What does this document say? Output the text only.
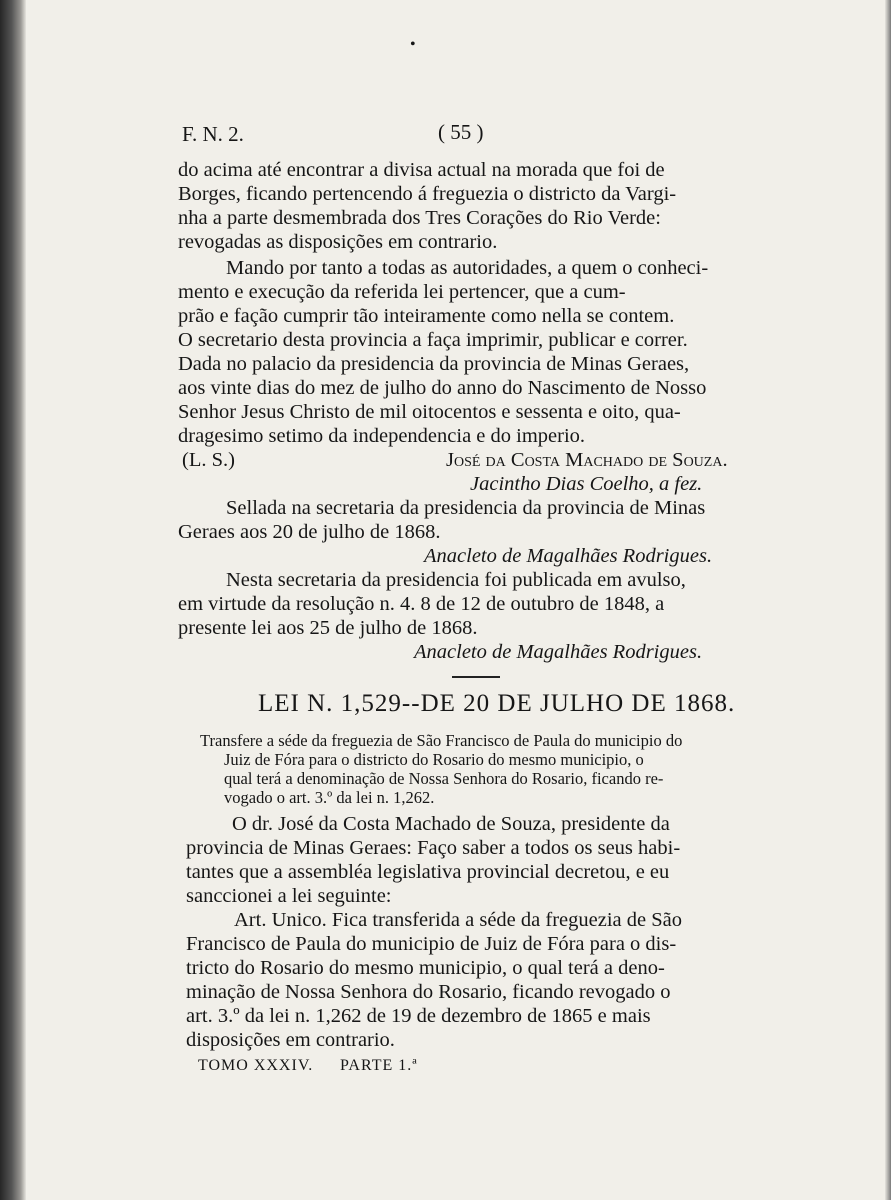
•
F. N. 2.	( 55 )
do acima até encontrar a divisa actual na morada que foi de
Borges, ficando pertencendo á freguezia o districto da Vargi-
nha a parte desmembrada dos Tres Corações do Rio Verde:
revogadas as disposições em contrario.
Mando por tanto a todas as autoridades, a quem o conheci-
mento e execução da referida lei pertencer, que a cum-
prão e fação cumprir tão inteiramente como nella se contem.
O secretario desta provincia a faça imprimir, publicar e correr.
Dada no palacio da presidencia da provincia de Minas Geraes,
aos vinte dias do mez de julho do anno do Nascimento de Nosso
Senhor Jesus Christo de mil oitocentos e sessenta e oito, qua-
dragesimo setimo da independencia e do imperio.
(L. S.)	José da Costa Machado de Souza.
Jacintho Dias Coelho, a fez.
Sellada na secretaria da presidencia da provincia de Minas
Geraes aos 20 de julho de 1868.
Anacleto de Magalhães Rodrigues.
Nesta secretaria da presidencia foi publicada em avulso,
em virtude da resolução n. 4. 8 de 12 de outubro de 1848, a
presente lei aos 25 de julho de 1868.
Anacleto de Magalhães Rodrigues.
LEI N. 1,529--DE 20 DE JULHO DE 1868.
Transfere a séde da freguezia de São Francisco de Paula do municipio do
Juiz de Fóra para o districto do Rosario do mesmo municipio, o
qual terá a denominação de Nossa Senhora do Rosario, ficando re-
vogado o art. 3.º da lei n. 1,262.
O dr. José da Costa Machado de Souza, presidente da
provincia de Minas Geraes: Faço saber a todos os seus habi-
tantes que a assembléa legislativa provincial decretou, e eu
sanccionei a lei seguinte:
Art. Unico. Fica transferida a séde da freguezia de São
Francisco de Paula do municipio de Juiz de Fóra para o dis-
tricto do Rosario do mesmo municipio, o qual terá a deno-
minação de Nossa Senhora do Rosario, ficando revogado o
art. 3.º da lei n. 1,262 de 19 de dezembro de 1865 e mais
disposições em contrario.
TOMO XXXIV. PARTE 1.ª
